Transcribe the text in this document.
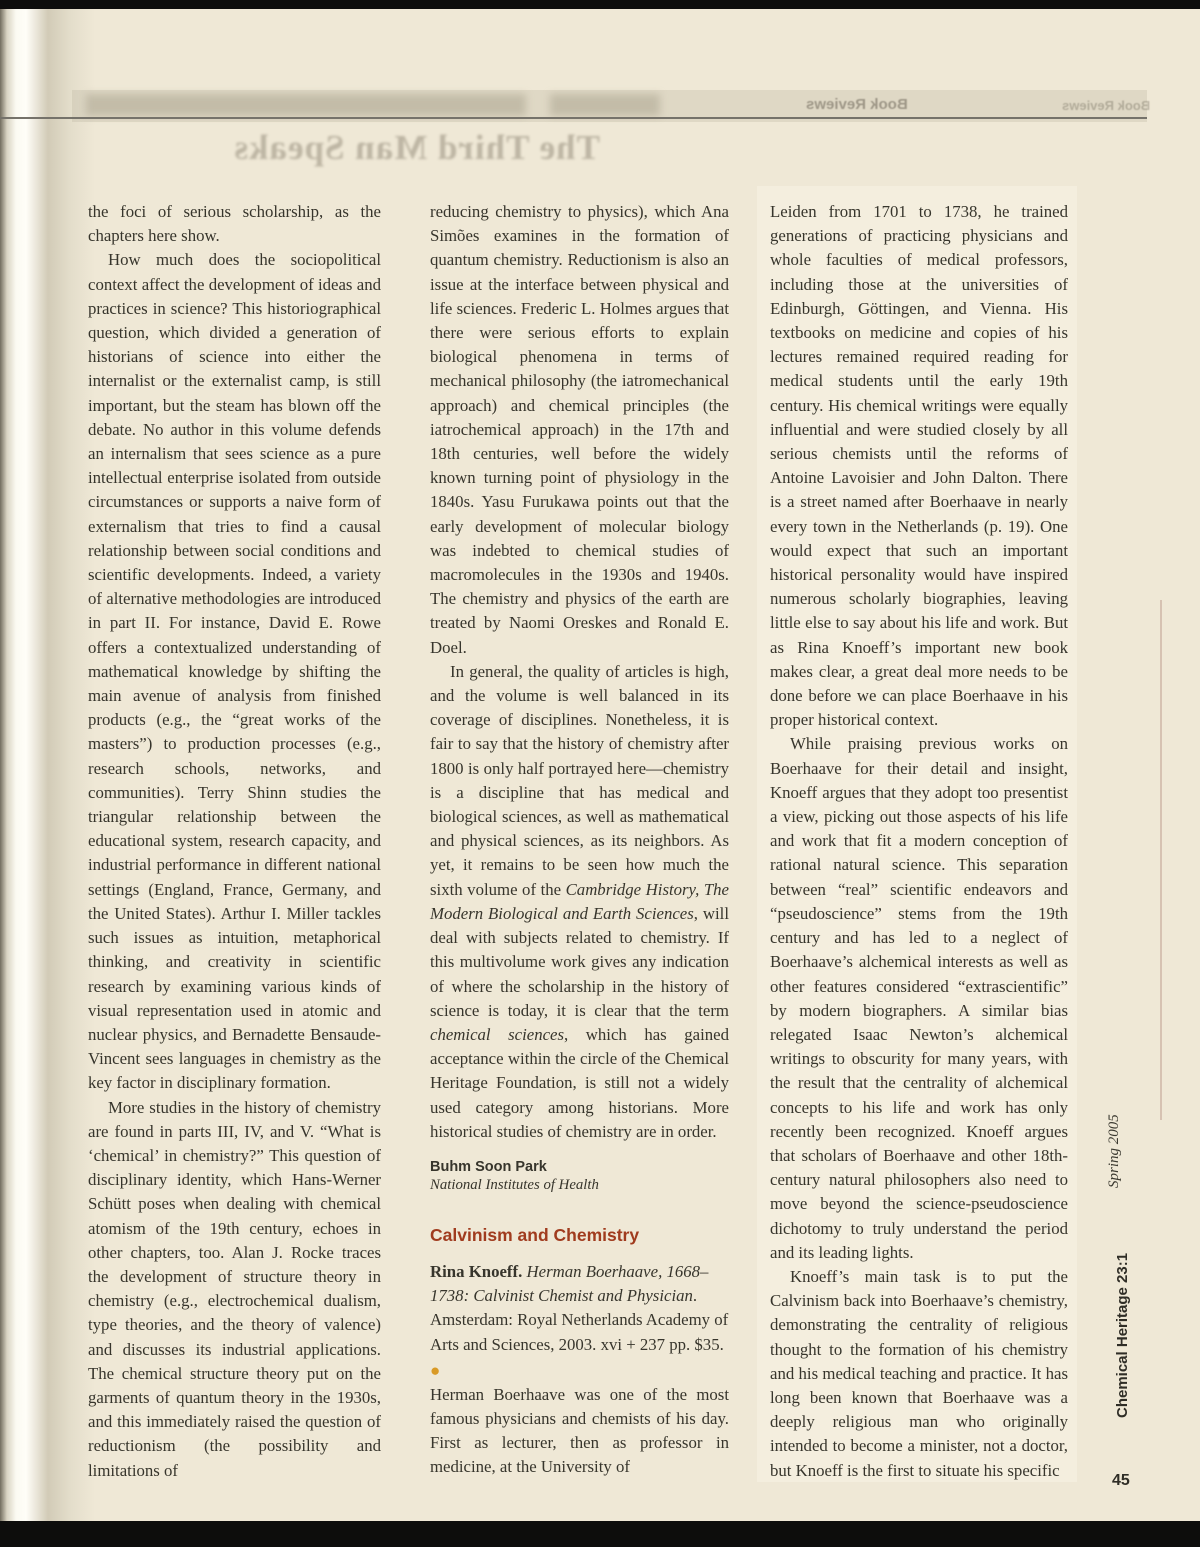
Book Reviews	Book Reviews
The Third Man Speaks

the foci of serious scholarship, as the chapters here show.

How much does the sociopolitical context affect the development of ideas and practices in science? This historiographical question, which divided a generation of historians of science into either the internalist or the externalist camp, is still important, but the steam has blown off the debate. No author in this volume defends an internalism that sees science as a pure intellectual enterprise isolated from outside circumstances or supports a naive form of externalism that tries to find a causal relationship between social conditions and scientific developments. Indeed, a variety of alternative methodologies are introduced in part II. For instance, David E. Rowe offers a contextualized understanding of mathematical knowledge by shifting the main avenue of analysis from finished products (e.g., the “great works of the masters”) to production processes (e.g., research schools, networks, and communities). Terry Shinn studies the triangular relationship between the educational system, research capacity, and industrial performance in different national settings (England, France, Germany, and the United States). Arthur I. Miller tackles such issues as intuition, metaphorical thinking, and creativity in scientific research by examining various kinds of visual representation used in atomic and nuclear physics, and Bernadette Bensaude-Vincent sees languages in chemistry as the key factor in disciplinary formation.

More studies in the history of chemistry are found in parts III, IV, and V. “What is ‘chemical’ in chemistry?” This question of disciplinary identity, which Hans-Werner Schütt poses when dealing with chemical atomism of the 19th century, echoes in other chapters, too. Alan J. Rocke traces the development of structure theory in chemistry (e.g., electrochemical dualism, type theories, and the theory of valence) and discusses its industrial applications. The chemical structure theory put on the garments of quantum theory in the 1930s, and this immediately raised the question of reductionism (the possibility and limitations of

reducing chemistry to physics), which Ana Simões examines in the formation of quantum chemistry. Reductionism is also an issue at the interface between physical and life sciences. Frederic L. Holmes argues that there were serious efforts to explain biological phenomena in terms of mechanical philosophy (the iatromechanical approach) and chemical principles (the iatrochemical approach) in the 17th and 18th centuries, well before the widely known turning point of physiology in the 1840s. Yasu Furukawa points out that the early development of molecular biology was indebted to chemical studies of macromolecules in the 1930s and 1940s. The chemistry and physics of the earth are treated by Naomi Oreskes and Ronald E. Doel.

In general, the quality of articles is high, and the volume is well balanced in its coverage of disciplines. Nonetheless, it is fair to say that the history of chemistry after 1800 is only half portrayed here—chemistry is a discipline that has medical and biological sciences, as well as mathematical and physical sciences, as its neighbors. As yet, it remains to be seen how much the sixth volume of the Cambridge History, The Modern Biological and Earth Sciences, will deal with subjects related to chemistry. If this multivolume work gives any indication of where the scholarship in the history of science is today, it is clear that the term chemical sciences, which has gained acceptance within the circle of the Chemical Heritage Foundation, is still not a widely used category among historians. More historical studies of chemistry are in order.

Buhm Soon Park
National Institutes of Health
Calvinism and Chemistry

Rina Knoeff. Herman Boerhaave, 1668–1738: Calvinist Chemist and Physician. Amsterdam: Royal Netherlands Academy of Arts and Sciences, 2003. xvi + 237 pp. $35.

●

Herman Boerhaave was one of the most famous physicians and chemists of his day. First as lecturer, then as professor in medicine, at the University of

Leiden from 1701 to 1738, he trained generations of practicing physicians and whole faculties of medical professors, including those at the universities of Edinburgh, Göttingen, and Vienna. His textbooks on medicine and copies of his lectures remained required reading for medical students until the early 19th century. His chemical writings were equally influential and were studied closely by all serious chemists until the reforms of Antoine Lavoisier and John Dalton. There is a street named after Boerhaave in nearly every town in the Netherlands (p. 19). One would expect that such an important historical personality would have inspired numerous scholarly biographies, leaving little else to say about his life and work. But as Rina Knoeff’s important new book makes clear, a great deal more needs to be done before we can place Boerhaave in his proper historical context.

While praising previous works on Boerhaave for their detail and insight, Knoeff argues that they adopt too presentist a view, picking out those aspects of his life and work that fit a modern conception of rational natural science. This separation between “real” scientific endeavors and “pseudoscience” stems from the 19th century and has led to a neglect of Boerhaave’s alchemical interests as well as other features considered “extrascientific” by modern biographers. A similar bias relegated Isaac Newton’s alchemical writings to obscurity for many years, with the result that the centrality of alchemical concepts to his life and work has only recently been recognized. Knoeff argues that scholars of Boerhaave and other 18th-century natural philosophers also need to move beyond the science-pseudoscience dichotomy to truly understand the period and its leading lights.

Knoeff’s main task is to put the Calvinism back into Boerhaave’s chemistry, demonstrating the centrality of religious thought to the formation of his chemistry and his medical teaching and practice. It has long been known that Boerhaave was a deeply religious man who originally intended to become a minister, not a doctor, but Knoeff is the first to situate his specific

Spring 2005
Chemical Heritage 23:1
45
